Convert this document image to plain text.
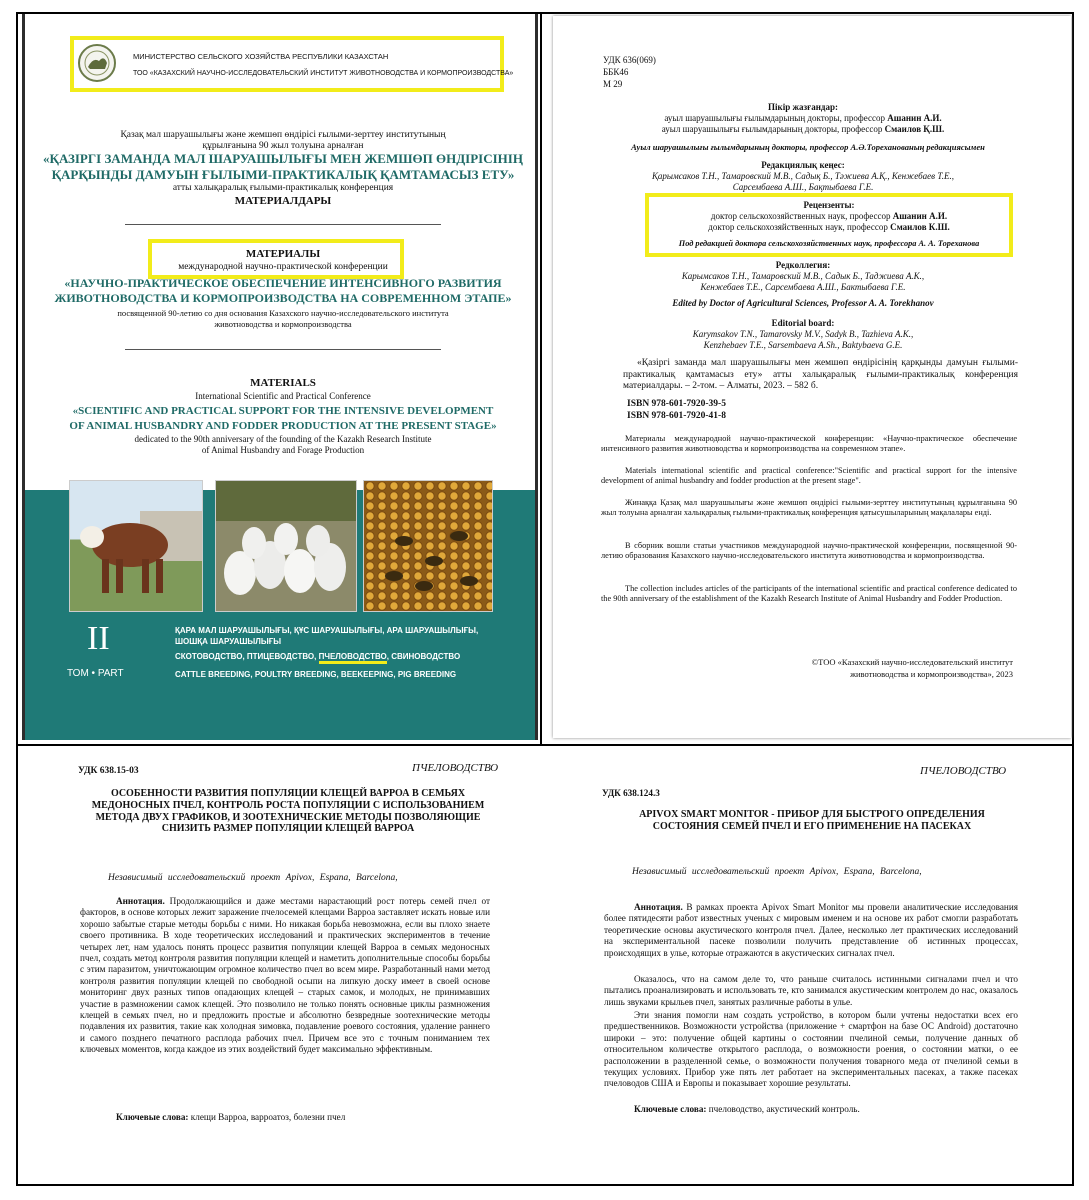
МИНИСТЕРСТВО СЕЛЬСКОГО ХОЗЯЙСТВА РЕСПУБЛИКИ КАЗАХСТАН
ТОО «КАЗАХСКИЙ НАУЧНО-ИССЛЕДОВАТЕЛЬСКИЙ ИНСТИТУТ ЖИВОТНОВОДСТВА И КОРМОПРОИЗВОДСТВА»
Қазақ мал шаруашылығы және жемшөп өндірісі ғылыми-зерттеу институтының
құрылғанына 90 жыл толуына арналған
«ҚАЗІРГІ ЗАМАНДА МАЛ ШАРУАШЫЛЫҒЫ МЕН ЖЕМШӨП ӨНДІРІСІНІҢ
ҚАРҚЫНДЫ ДАМУЫН ҒЫЛЫМИ-ПРАКТИКАЛЫҚ ҚАМТАМАСЫЗ ЕТУ»
атты халықаралық ғылыми-практикалық конференция
МАТЕРИАЛДАРЫ
МАТЕРИАЛЫ
международной научно-практической конференции
«НАУЧНО-ПРАКТИЧЕСКОЕ ОБЕСПЕЧЕНИЕ ИНТЕНСИВНОГО РАЗВИТИЯ
ЖИВОТНОВОДСТВА И КОРМОПРОИЗВОДСТВА НА СОВРЕМЕННОМ ЭТАПЕ»
посвященной 90-летию со дня основания Казахского научно-исследовательского института
животноводства и кормопроизводства
MATERIALS
International Scientific and Practical Conference
«SCIENTIFIC AND PRACTICAL SUPPORT FOR THE INTENSIVE DEVELOPMENT
OF ANIMAL HUSBANDRY AND FODDER PRODUCTION AT THE PRESENT STAGE»
dedicated to the 90th anniversary of the founding of the Kazakh Research Institute
of Animal Husbandry and Forage Production
II
ТОМ • PART
ҚАРА МАЛ ШАРУАШЫЛЫҒЫ, ҚҰС ШАРУАШЫЛЫҒЫ, АРА ШАРУАШЫЛЫҒЫ,
ШОШҚА ШАРУАШЫЛЫҒЫ
СКОТОВОДСТВО, ПТИЦЕВОДСТВО, ПЧЕЛОВОДСТВО, СВИНОВОДСТВО
CATTLE BREEDING, POULTRY BREEDING, BEEKEEPING, PIG BREEDING
УДК 636(069)
ББК46
М 29
Пікір жазғандар:
ауыл шаруашылығы ғылымдарының докторы, профессор Ашанин А.И.
ауыл шаруашылығы ғылымдарының докторы, профессор Смаилов Қ.Ш.
Ауыл шаруашылығы ғылымдарының докторы, профессор А.Ә.Тореханованың редакциясымен
Редакциялық кеңес:
Қарымсаков Т.Н., Тамаровский М.В., Садық Б., Тәжиева А.Қ., Кенжебаев Т.Е.,
Сарсембаева А.Ш., Бақтыбаева Г.Е.
Рецензенты:
доктор сельскохозяйственных наук, профессор Ашанин А.И.
доктор сельскохозяйственных наук, профессор Смаилов К.Ш.
Под редакцией доктора сельскохозяйственных наук, профессора А. А. Тореханова
Редколлегия:
Карымсаков Т.Н., Тамаровский М.В., Садык Б., Таджиева А.К.,
Кенжебаев Т.Е., Сарсембаева А.Ш., Бактыбаева Г.Е.
Edited by Doctor of Agricultural Sciences, Professor A. A. Torekhanov
Editorial board:
Karymsakov T.N., Tamarovsky M.V., Sadyk B., Tazhieva A.K.,
Kenzhebaev T.E., Sarsembaeva A.Sh., Baktybaeva G.E.
«Қазіргі заманда мал шаруашылығы мен жемшөп өндірісінің қарқынды дамуын ғылыми-практикалық қамтамасыз ету» атты халықаралық ғылыми-практикалық конференция материалдары. – 2-том. – Алматы, 2023. – 582 б.
ISBN 978-601-7920-39-5
ISBN 978-601-7920-41-8
Материалы международной научно-практической конференции: «Научно-практическое обеспечение интенсивного развития животноводства и кормопроизводства на современном этапе».
Materials international scientific and practical conference:"Scientific and practical support for the intensive development of animal husbandry and fodder production at the present stage".
Жинаққа Қазақ мал шаруашылығы және жемшөп өндірісі ғылыми-зерттеу институтының құрылғанына 90 жыл толуына арналған халықаралық ғылыми-практикалық конференция қатысушыларының мақалалары енді.
В сборник вошли статьи участников международной научно-практической конференции, посвященной 90-летию образования Казахского научно-исследовательского института животноводства и кормопроизводства.
The collection includes articles of the participants of the international scientific and practical conference dedicated to the 90th anniversary of the establishment of the Kazakh Research Institute of Animal Husbandry and Fodder Production.
©ТОО «Казахский научно-исследовательский институт
животноводства и кормопроизводства», 2023
УДК 638.15-03	ПЧЕЛОВОДСТВО
ОСОБЕННОСТИ РАЗВИТИЯ ПОПУЛЯЦИИ КЛЕЩЕЙ ВАРРОА В СЕМЬЯХ
МЕДОНОСНЫХ ПЧЕЛ, КОНТРОЛЬ РОСТА ПОПУЛЯЦИИ С ИСПОЛЬЗОВАНИЕМ
МЕТОДА ДВУХ ГРАФИКОВ, И ЗООТЕХНИЧЕСКИЕ МЕТОДЫ ПОЗВОЛЯЮЩИЕ
СНИЗИТЬ РАЗМЕР ПОПУЛЯЦИИ КЛЕЩЕЙ ВАРРОА
Независимый исследовательский проект Apivox, Espana, Barcelona,
Аннотация. Продолжающийся и даже местами нарастающий рост потерь семей пчел от факторов, в основе которых лежит заражение пчелосемей клещами Варроа заставляет искать новые или хорошо забытые старые методы борьбы с ними. Но никакая борьба невозможна, если вы плохо знаете своего противника. В ходе теоретических исследований и практических экспериментов в течение четырех лет, нам удалось понять процесс развития популяции клещей Варроа в семьях медоносных пчел, создать метод контроля развития популяции клещей и наметить дополнительные способы борьбы с этим паразитом, уничтожающим огромное количество пчел во всем мире. Разработанный нами метод контроля развития популяции клещей по свободной осыпи на липкую доску имеет в своей основе мониторинг двух разных типов опадающих клещей – старых самок, и молодых, не принимавших участие в размножении самок клещей. Это позволило не только понять основные циклы размножения клещей в семьях пчел, но и предложить простые и абсолютно безвредные зоотехнические методы подавления их развития, такие как холодная зимовка, подавление роевого состояния, удаление раннего и самого позднего печатного расплода рабочих пчел. Причем все это с точным пониманием тех ключевых моментов, когда каждое из этих воздействий будет максимально эффективным.
Ключевые слова: клещи Варроа, варроатоз, болезни пчел
ПЧЕЛОВОДСТВО
УДК 638.124.3
APIVOX SMART MONITOR - ПРИБОР ДЛЯ БЫСТРОГО ОПРЕДЕЛЕНИЯ
СОСТОЯНИЯ СЕМЕЙ ПЧЕЛ И ЕГО ПРИМЕНЕНИЕ НА ПАСЕКАХ
Независимый исследовательский проект Apivox, Espana, Barcelona,
Аннотация. В рамках проекта Apivox Smart Monitor мы провели аналитические исследования более пятидесяти работ известных ученых с мировым именем и на основе их работ смогли разработать теоретические основы акустического контроля пчел. Далее, несколько лет практических исследований на экспериментальной пасеке позволили получить представление об истинных процессах, происходящих в улье, которые отражаются в акустических сигналах пчел.
Оказалось, что на самом деле то, что раньше считалось истинными сигналами пчел и что пытались проанализировать и использовать те, кто занимался акустическим контролем до нас, оказалось лишь звуками крыльев пчел, занятых различные работы в улье.
Эти знания помогли нам создать устройство, в котором были учтены недостатки всех его предшественников. Возможности устройства (приложение + смартфон на базе ОС Android) достаточно широки – это: получение общей картины о состоянии пчелиной семьи, получение данных об относительном количестве открытого расплода, о возможности роения, о состоянии матки, о ее расположении в разделенной семье, о возможности получения товарного меда от пчелиной семьи в текущих условиях. Прибор уже пять лет работает на экспериментальных пасеках, а также пасеках пчеловодов США и Европы и показывает хорошие результаты.
Ключевые слова: пчеловодство, акустический контроль.
